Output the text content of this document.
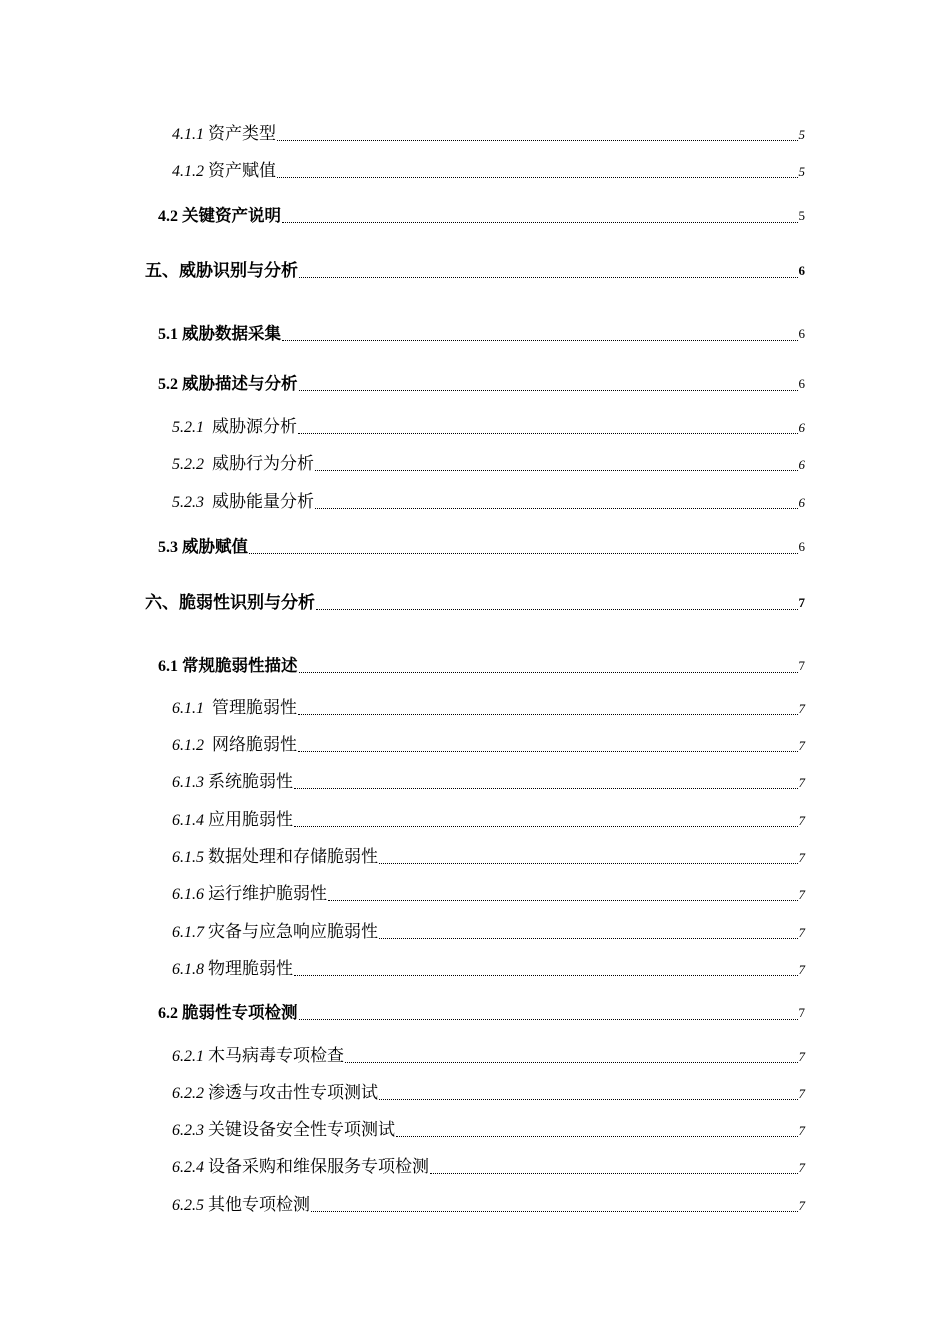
4.1.1 资产类型	5
4.1.2 资产赋值	5
4.2 关键资产说明	5
五、威胁识别与分析	6
5.1 威胁数据采集	6
5.2 威胁描述与分析	6
5.2.1 威胁源分析	6
5.2.2 威胁行为分析	6
5.2.3 威胁能量分析	6
5.3 威胁赋值	6
六、脆弱性识别与分析	7
6.1 常规脆弱性描述	7
6.1.1 管理脆弱性	7
6.1.2 网络脆弱性	7
6.1.3 系统脆弱性	7
6.1.4 应用脆弱性	7
6.1.5 数据处理和存储脆弱性	7
6.1.6 运行维护脆弱性	7
6.1.7 灾备与应急响应脆弱性	7
6.1.8 物理脆弱性	7
6.2 脆弱性专项检测	7
6.2.1 木马病毒专项检查	7
6.2.2 渗透与攻击性专项测试	7
6.2.3 关键设备安全性专项测试	7
6.2.4 设备采购和维保服务专项检测	7
6.2.5 其他专项检测	7
